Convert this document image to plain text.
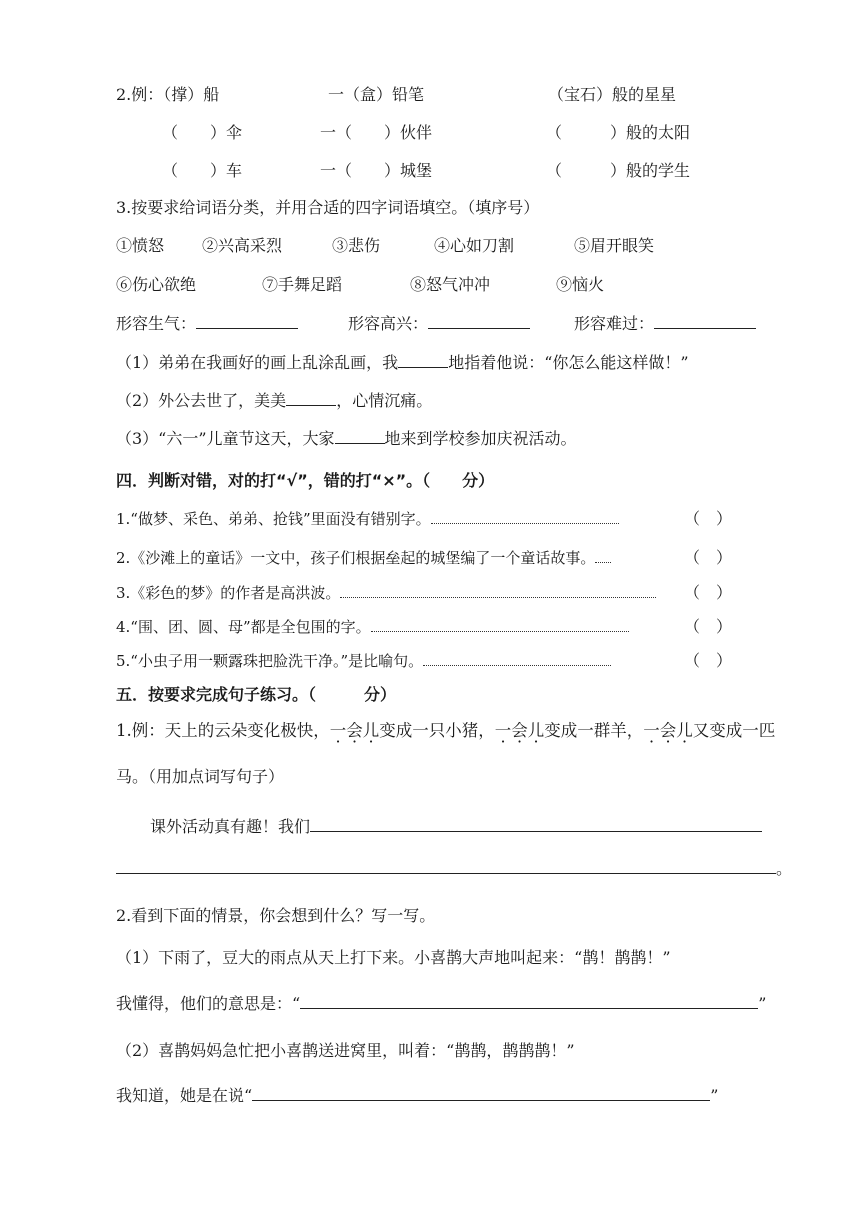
2.例：（撑）船	一（盒）铅笔	（宝石）般的星星
（　　）伞	一（　　）伙伴	（　　　）般的太阳
（　　）车	一（　　）城堡	（　　　）般的学生
3.按要求给词语分类，并用合适的四字词语填空。（填序号）
①愤怒 ②兴高采烈	③悲伤	④心如刀割	⑤眉开眼笑
⑥伤心欲绝	⑦手舞足蹈	⑧怒气冲冲	⑨恼火
形容生气：	形容高兴：	形容难过：
（1）弟弟在我画好的画上乱涂乱画，我	地指着他说：“你怎么能这样做！”
（2）外公去世了，美美	，心情沉痛。
（3）“六一”儿童节这天，大家	地来到学校参加庆祝活动。
四．判断对错，对的打“√”，错的打“×”。（　　分）
1.“做梦、采色、弟弟、抢钱”里面没有错别字。	（　）
2.《沙滩上的童话》一文中，孩子们根据垒起的城堡编了一个童话故事。	（　）
3.《彩色的梦》的作者是高洪波。	（　）
4.“围、团、圆、母”都是全包围的字。	（　）
5.“小虫子用一颗露珠把脸洗干净。”是比喻句。	（　）
五．按要求完成句子练习。（　　　分）
1.例：天上的云朵变化极快，一会儿变成一只小猪，一会儿变成一群羊，一会儿又变成一匹
马。（用加点词写句子）
课外活动真有趣！我们
。
2.看到下面的情景，你会想到什么？写一写。
（1）下雨了，豆大的雨点从天上打下来。小喜鹊大声地叫起来：“鹊！鹊鹊！”
我懂得，他们的意思是：“	”
（2）喜鹊妈妈急忙把小喜鹊送进窝里，叫着：“鹊鹊，鹊鹊鹊！”
我知道，她是在说“	”
